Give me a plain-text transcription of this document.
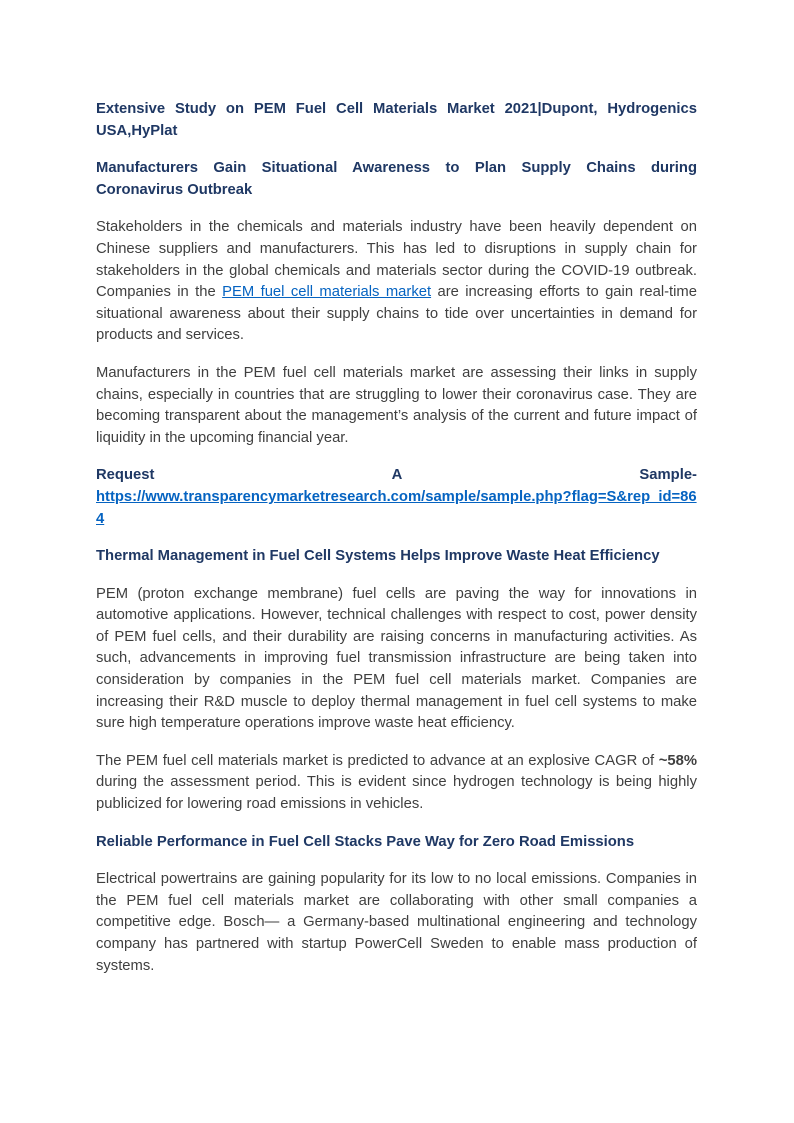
Extensive Study on PEM Fuel Cell Materials Market 2021|Dupont, Hydrogenics USA,HyPlat

Manufacturers Gain Situational Awareness to Plan Supply Chains during Coronavirus Outbreak

Stakeholders in the chemicals and materials industry have been heavily dependent on Chinese suppliers and manufacturers. This has led to disruptions in supply chain for stakeholders in the global chemicals and materials sector during the COVID-19 outbreak. Companies in the PEM fuel cell materials market are increasing efforts to gain real-time situational awareness about their supply chains to tide over uncertainties in demand for products and services.

Manufacturers in the PEM fuel cell materials market are assessing their links in supply chains, especially in countries that are struggling to lower their coronavirus case. They are becoming transparent about the management’s analysis of the current and future impact of liquidity in the upcoming financial year.

Request	A	Sample-
https://www.transparencymarketresearch.com/sample/sample.php?flag=S&rep_id=864

Thermal Management in Fuel Cell Systems Helps Improve Waste Heat Efficiency

PEM (proton exchange membrane) fuel cells are paving the way for innovations in automotive applications. However, technical challenges with respect to cost, power density of PEM fuel cells, and their durability are raising concerns in manufacturing activities. As such, advancements in improving fuel transmission infrastructure are being taken into consideration by companies in the PEM fuel cell materials market. Companies are increasing their R&D muscle to deploy thermal management in fuel cell systems to make sure high temperature operations improve waste heat efficiency.

The PEM fuel cell materials market is predicted to advance at an explosive CAGR of ~58% during the assessment period. This is evident since hydrogen technology is being highly publicized for lowering road emissions in vehicles.

Reliable Performance in Fuel Cell Stacks Pave Way for Zero Road Emissions

Electrical powertrains are gaining popularity for its low to no local emissions. Companies in the PEM fuel cell materials market are collaborating with other small companies a competitive edge. Bosch— a Germany-based multinational engineering and technology company has partnered with startup PowerCell Sweden to enable mass production of systems.
